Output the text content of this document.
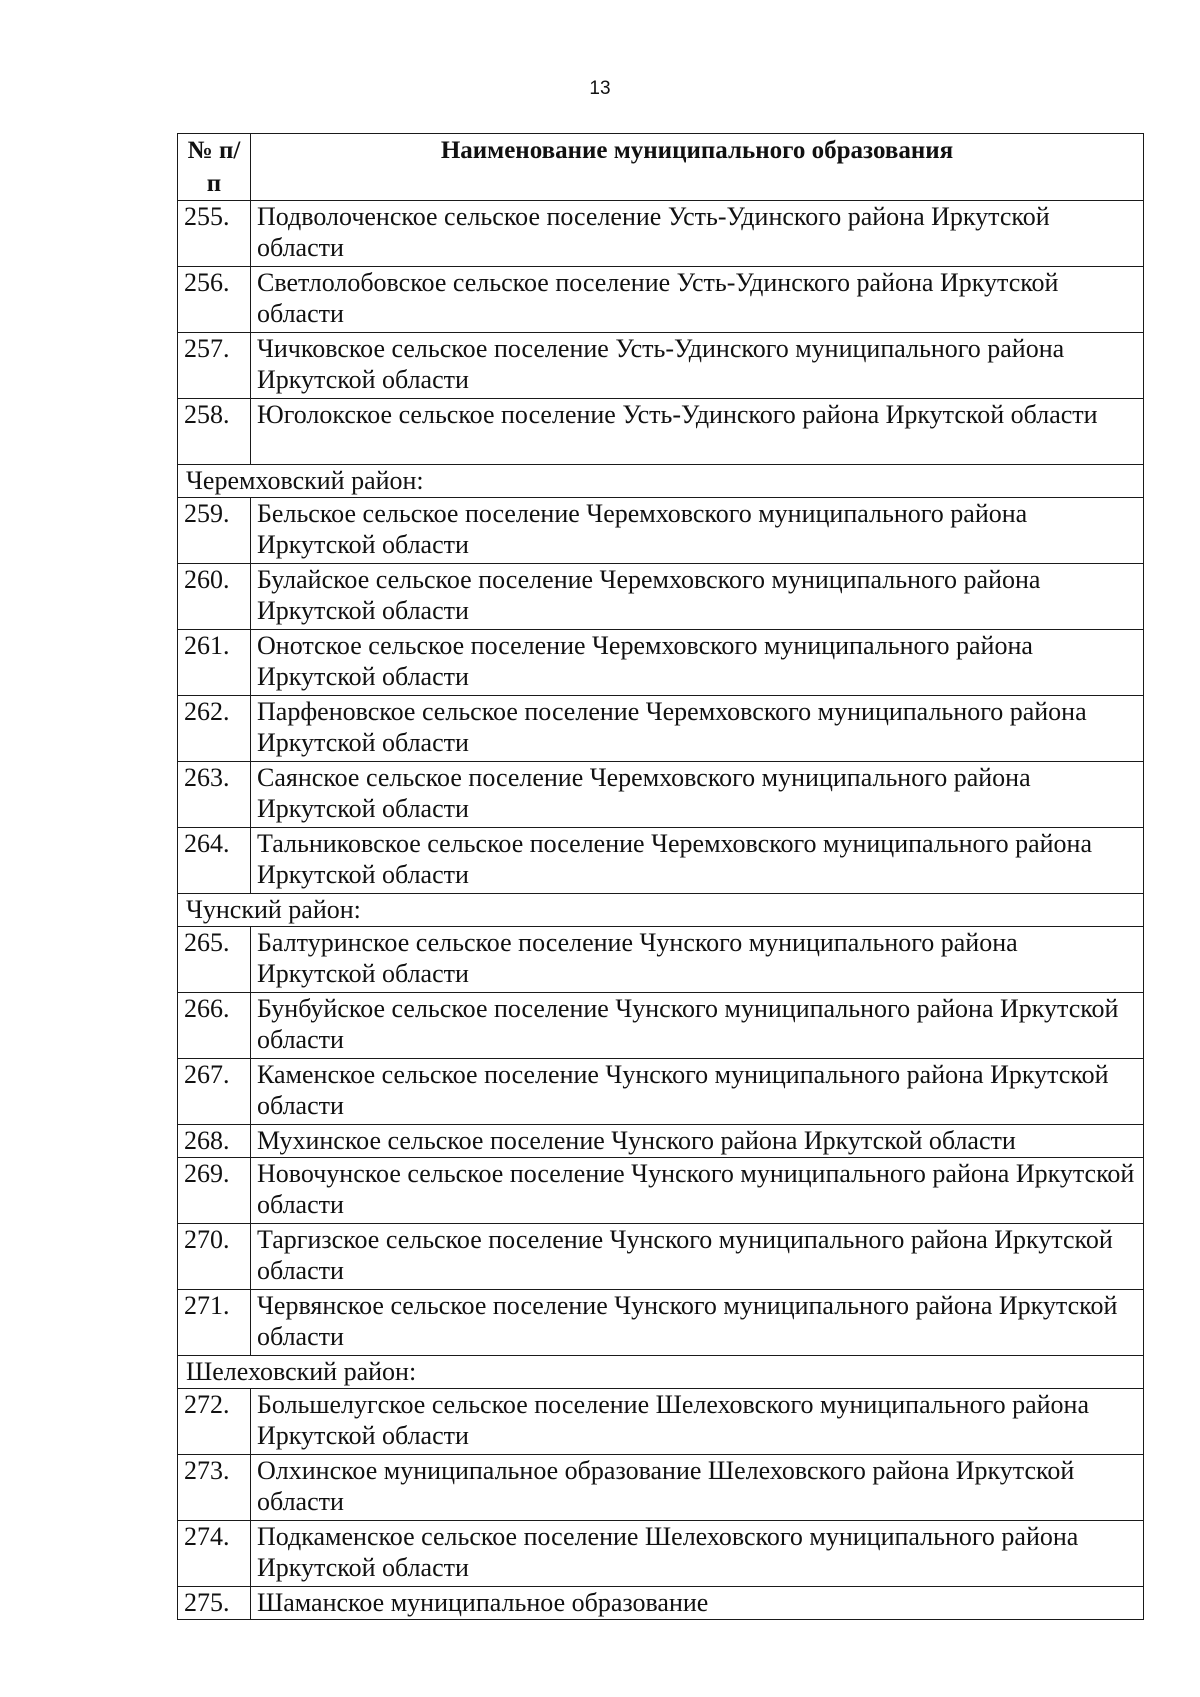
13
№ п/п	Наименование муниципального образования
255.	Подволоченское сельское поселение Усть-Удинского района Иркутской области
256.	Светлолобовское сельское поселение Усть-Удинского района Иркутской области
257.	Чичковское сельское поселение Усть-Удинского муниципального района Иркутской области
258.	Юголокское сельское поселение Усть-Удинского района Иркутской области
Черемховский район:	
259.	Бельское сельское поселение Черемховского муниципального района Иркутской области
260.	Булайское сельское поселение Черемховского муниципального района Иркутской области
261.	Онотское сельское поселение Черемховского муниципального района Иркутской области
262.	Парфеновское сельское поселение Черемховского муниципального района Иркутской области
263.	Саянское сельское поселение Черемховского муниципального района Иркутской области
264.	Тальниковское сельское поселение Черемховского муниципального района Иркутской области
Чунский район:	
265.	Балтуринское сельское поселение Чунского муниципального района Иркутской области
266.	Бунбуйское сельское поселение Чунского муниципального района Иркутской области
267.	Каменское сельское поселение Чунского муниципального района Иркутской области
268.	Мухинское сельское поселение Чунского района Иркутской области
269.	Новочунское сельское поселение Чунского муниципального района Иркутской области
270.	Таргизское сельское поселение Чунского муниципального района Иркутской области
271.	Червянское сельское поселение Чунского муниципального района Иркутской области
Шелеховский район:	
272.	Большелугское сельское поселение Шелеховского муниципального района Иркутской области
273.	Олхинское муниципальное образование Шелеховского района Иркутской области
274.	Подкаменское сельское поселение Шелеховского муниципального района Иркутской области
275.	Шаманское муниципальное образование
